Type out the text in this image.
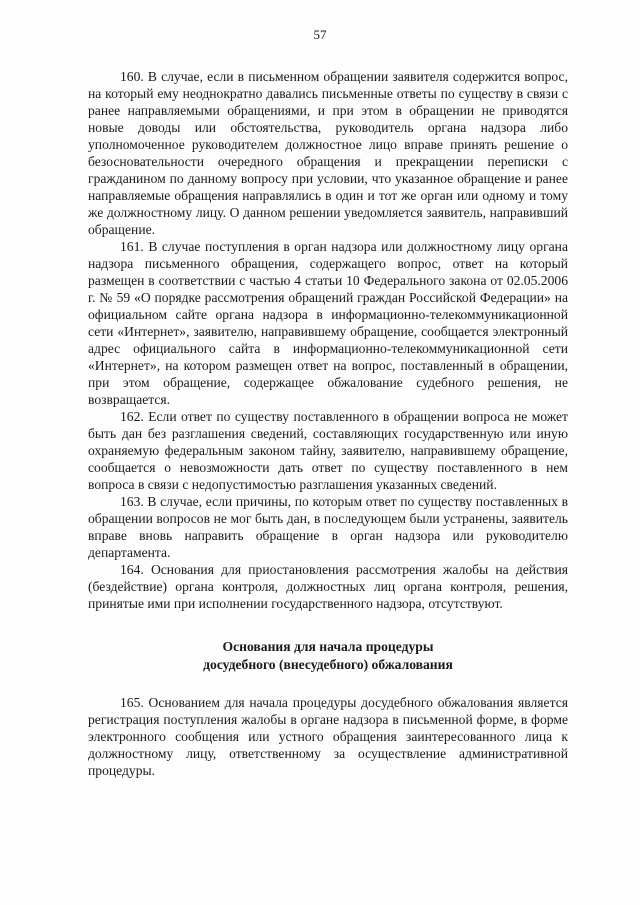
57

160. В случае, если в письменном обращении заявителя содержится вопрос, на который ему неоднократно давались письменные ответы по существу в связи с ранее направляемыми обращениями, и при этом в обращении не приводятся новые доводы или обстоятельства, руководитель органа надзора либо уполномоченное руководителем должностное лицо вправе принять решение о безосновательности очередного обращения и прекращении переписки с гражданином по данному вопросу при условии, что указанное обращение и ранее направляемые обращения направлялись в один и тот же орган или одному и тому же должностному лицу. О данном решении уведомляется заявитель, направивший обращение.

161. В случае поступления в орган надзора или должностному лицу органа надзора письменного обращения, содержащего вопрос, ответ на который размещен в соответствии с частью 4 статьи 10 Федерального закона от 02.05.2006 г. № 59 «О порядке рассмотрения обращений граждан Российской Федерации» на официальном сайте органа надзора в информационно-телекоммуникационной сети «Интернет», заявителю, направившему обращение, сообщается электронный адрес официального сайта в информационно-телекоммуникационной сети «Интернет», на котором размещен ответ на вопрос, поставленный в обращении, при этом обращение, содержащее обжалование судебного решения, не возвращается.

162. Если ответ по существу поставленного в обращении вопроса не может быть дан без разглашения сведений, составляющих государственную или иную охраняемую федеральным законом тайну, заявителю, направившему обращение, сообщается о невозможности дать ответ по существу поставленного в нем вопроса в связи с недопустимостью разглашения указанных сведений.

163. В случае, если причины, по которым ответ по существу поставленных в обращении вопросов не мог быть дан, в последующем были устранены, заявитель вправе вновь направить обращение в орган надзора или руководителю департамента.

164. Основания для приостановления рассмотрения жалобы на действия (бездействие) органа контроля, должностных лиц органа контроля, решения, принятые ими при исполнении государственного надзора, отсутствуют.

Основания для начала процедуры
досудебного (внесудебного) обжалования

165. Основанием для начала процедуры досудебного обжалования является регистрация поступления жалобы в органе надзора в письменной форме, в форме электронного сообщения или устного обращения заинтересованного лица к должностному лицу, ответственному за осуществление административной процедуры.
